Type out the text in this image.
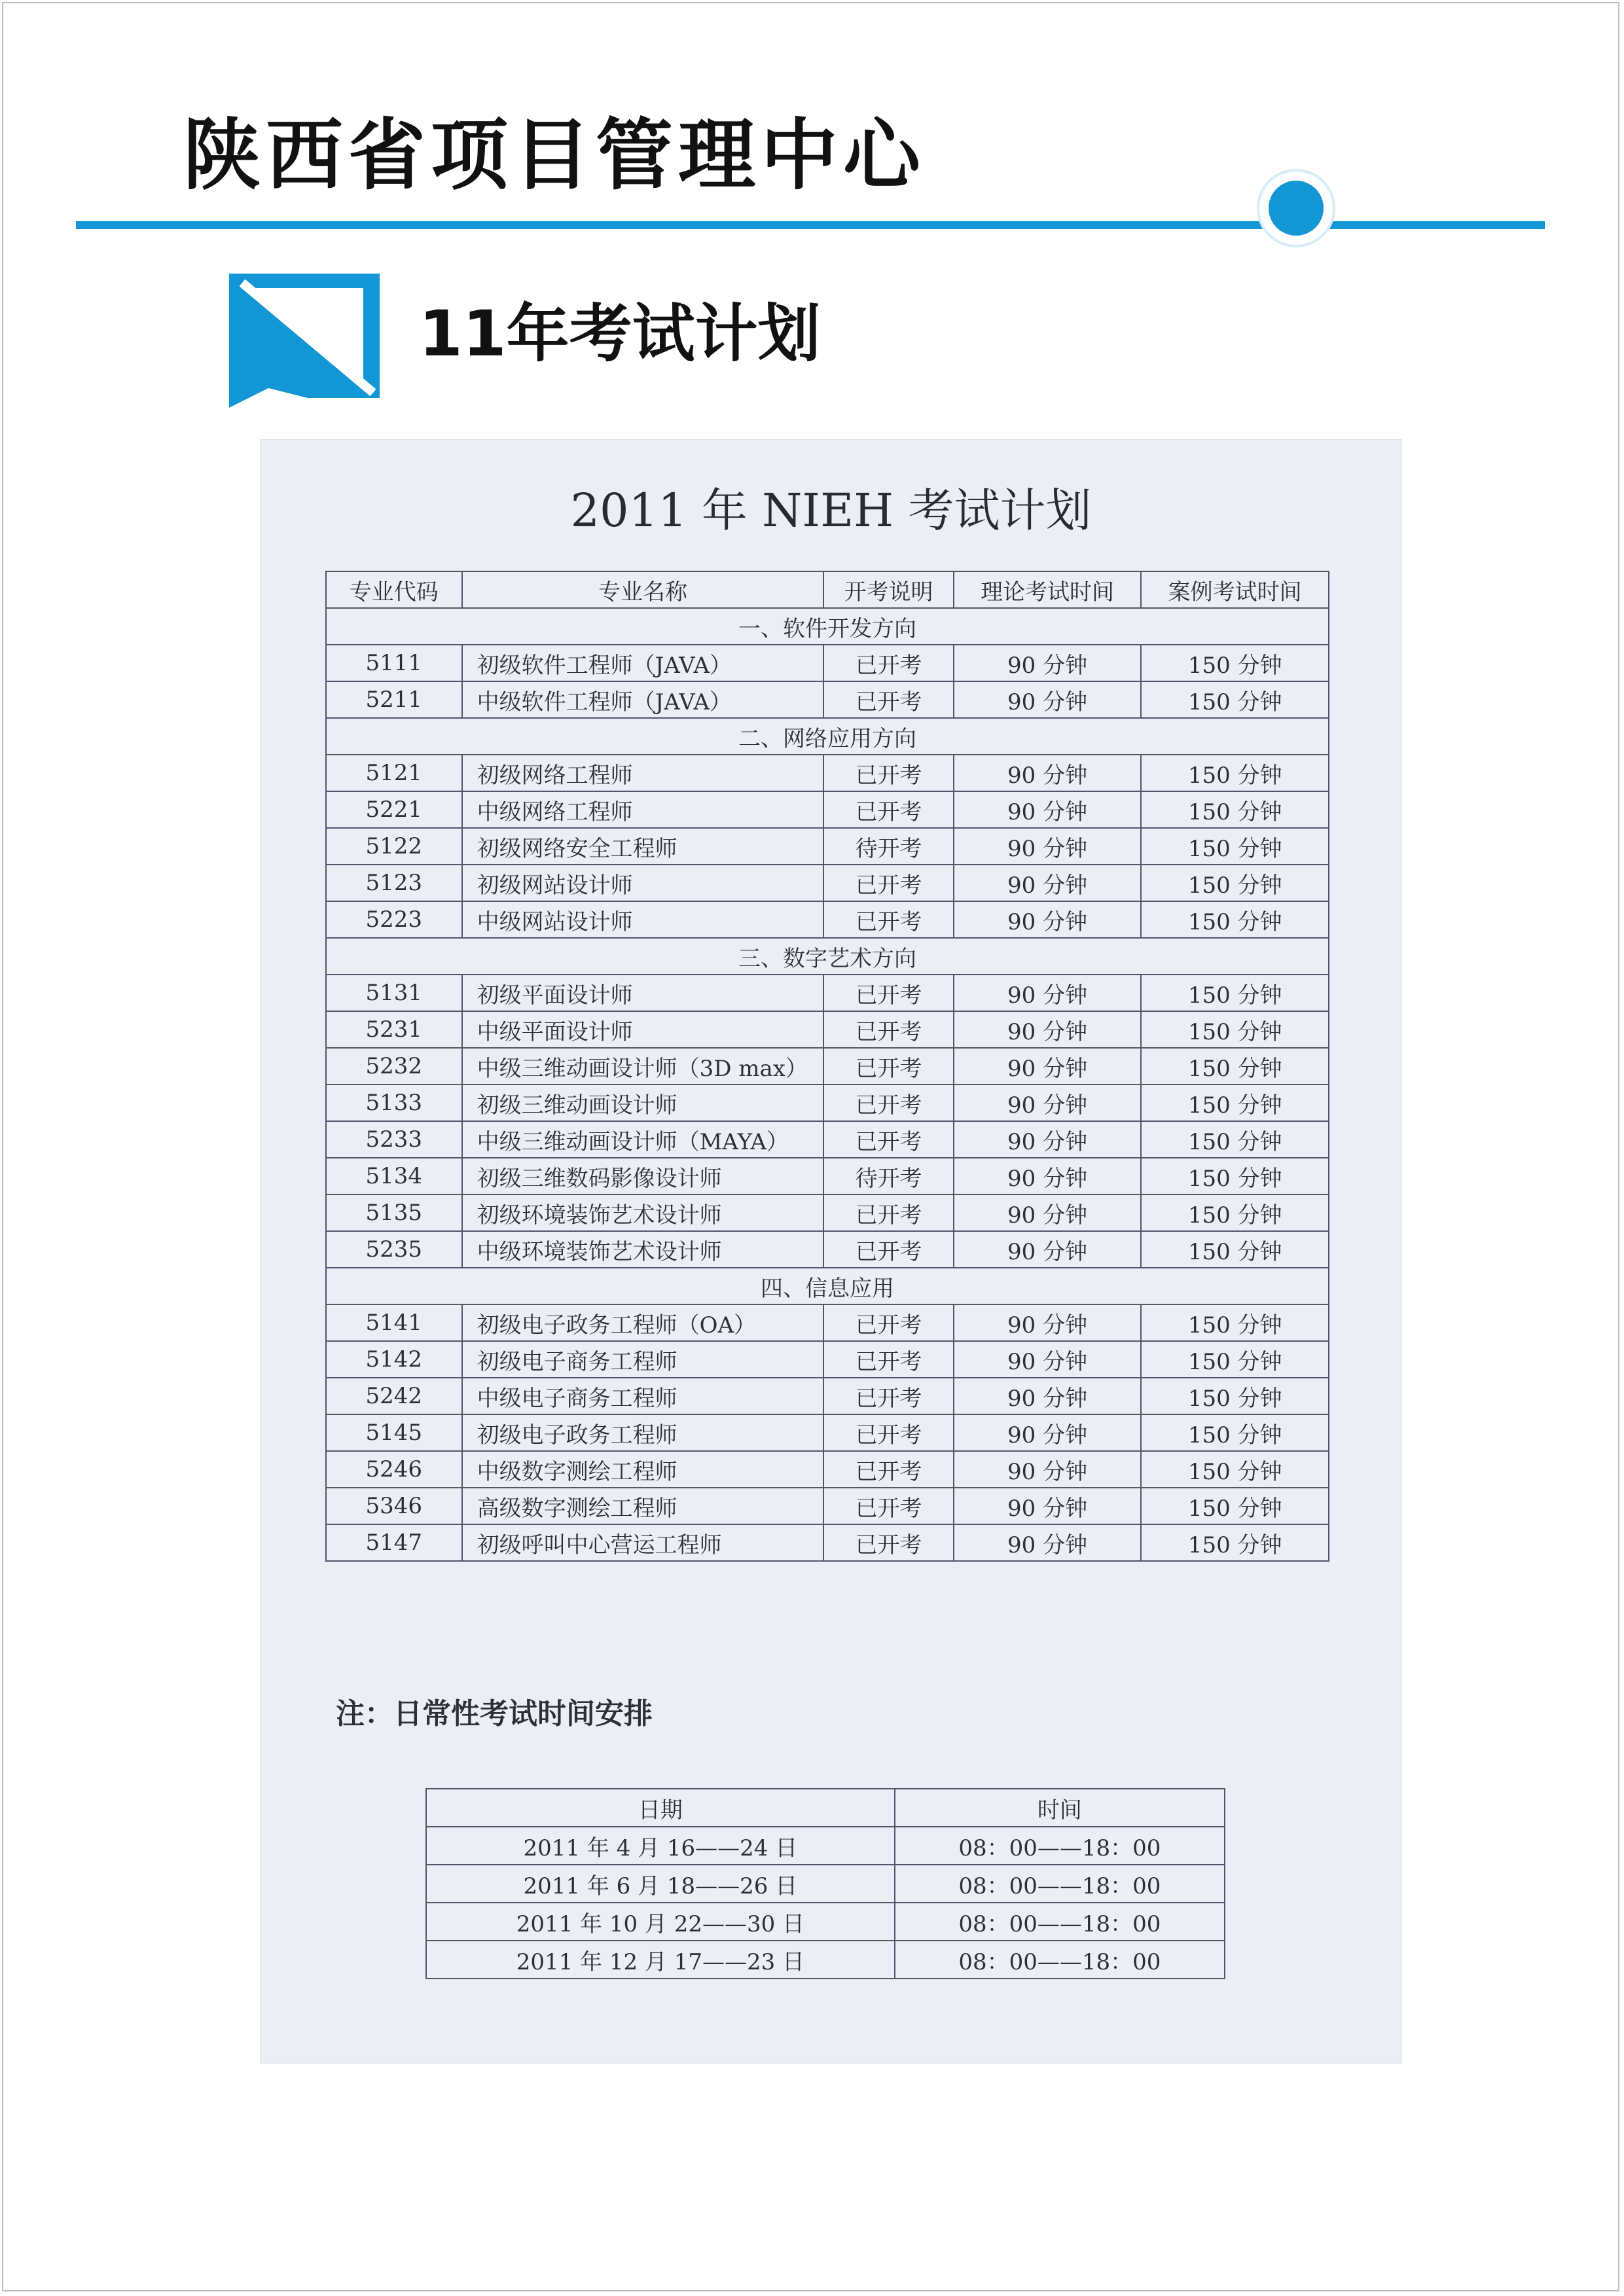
陕西省项目管理中心
11年考试计划
2011 年 NIEH 考试计划
专业代码	专业名称	开考说明	理论考试时间	案例考试时间
一、软件开发方向				
5111	初级软件工程师（JAVA）	已开考	90 分钟	150 分钟
5211	中级软件工程师（JAVA）	已开考	90 分钟	150 分钟
二、网络应用方向				
5121	初级网络工程师	已开考	90 分钟	150 分钟
5221	中级网络工程师	已开考	90 分钟	150 分钟
5122	初级网络安全工程师	待开考	90 分钟	150 分钟
5123	初级网站设计师	已开考	90 分钟	150 分钟
5223	中级网站设计师	已开考	90 分钟	150 分钟
三、数字艺术方向				
5131	初级平面设计师	已开考	90 分钟	150 分钟
5231	中级平面设计师	已开考	90 分钟	150 分钟
5232	中级三维动画设计师（3D max）	已开考	90 分钟	150 分钟
5133	初级三维动画设计师	已开考	90 分钟	150 分钟
5233	中级三维动画设计师（MAYA）	已开考	90 分钟	150 分钟
5134	初级三维数码影像设计师	待开考	90 分钟	150 分钟
5135	初级环境装饰艺术设计师	已开考	90 分钟	150 分钟
5235	中级环境装饰艺术设计师	已开考	90 分钟	150 分钟
四、信息应用				
5141	初级电子政务工程师（OA）	已开考	90 分钟	150 分钟
5142	初级电子商务工程师	已开考	90 分钟	150 分钟
5242	中级电子商务工程师	已开考	90 分钟	150 分钟
5145	初级电子政务工程师	已开考	90 分钟	150 分钟
5246	中级数字测绘工程师	已开考	90 分钟	150 分钟
5346	高级数字测绘工程师	已开考	90 分钟	150 分钟
5147	初级呼叫中心营运工程师	已开考	90 分钟	150 分钟
注：日常性考试时间安排
日期	时间
2011 年 4 月 16——24 日	08：00——18：00
2011 年 6 月 18——26 日	08：00——18：00
2011 年 10 月 22——30 日	08：00——18：00
2011 年 12 月 17——23 日	08：00——18：00
